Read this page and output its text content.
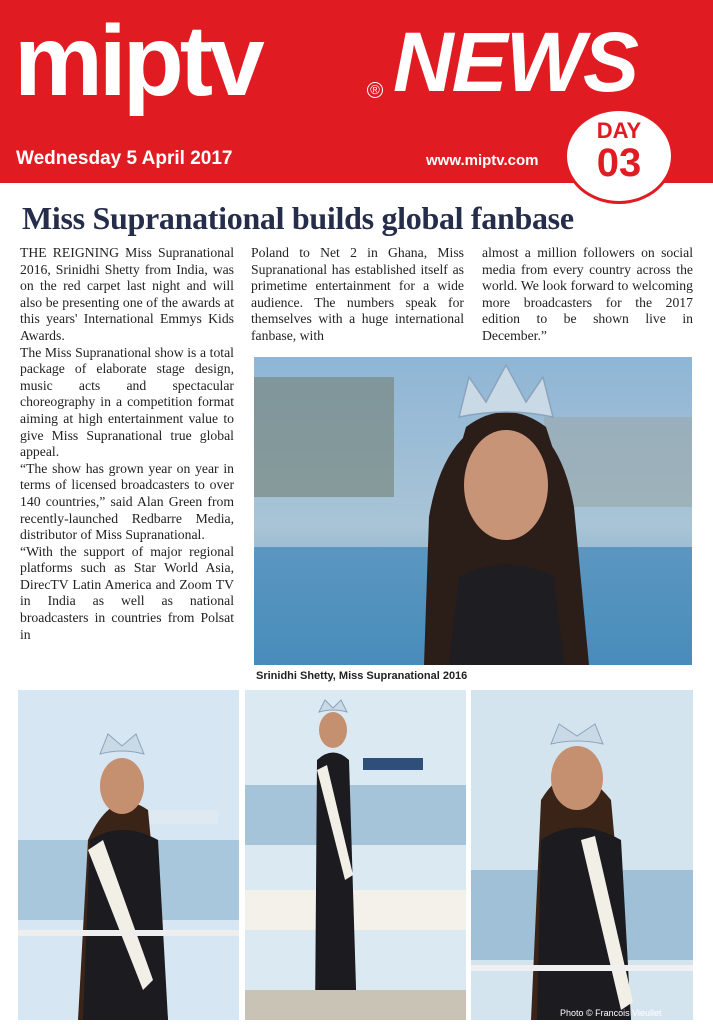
miptv	® NEWS
Wednesday 5 April 2017	www.miptv.com
DAY
03
Miss Supranational builds global fanbase

THE REIGNING Miss Supranational 2016, Srinidhi Shetty from India, was on the red carpet last night and will also be presenting one of the awards at this years' International Emmys Kids Awards.

The Miss Supranational show is a total package of elaborate stage design, music acts and spectacular choreography in a competition format aiming at high entertainment value to give Miss Supranational true global appeal.

“The show has grown year on year in terms of licensed broadcasters to over 140 countries,” said Alan Green from recently-launched Redbarre Media, distributor of Miss Supranational.

“With the support of major regional platforms such as Star World Asia, DirecTV Latin America and Zoom TV in India as well as national broadcasters in countries from Polsat in

Poland to Net 2 in Ghana, Miss Supranational has established itself as primetime entertainment for a wide audience. The numbers speak for themselves with a huge international fanbase, with

almost a million followers on social media from every country across the world. We look forward to welcoming more broadcasters for the 2017 edition to be shown live in December.”

Srinidhi Shetty, Miss Supranational 2016
Photo © Francois Vieullet
